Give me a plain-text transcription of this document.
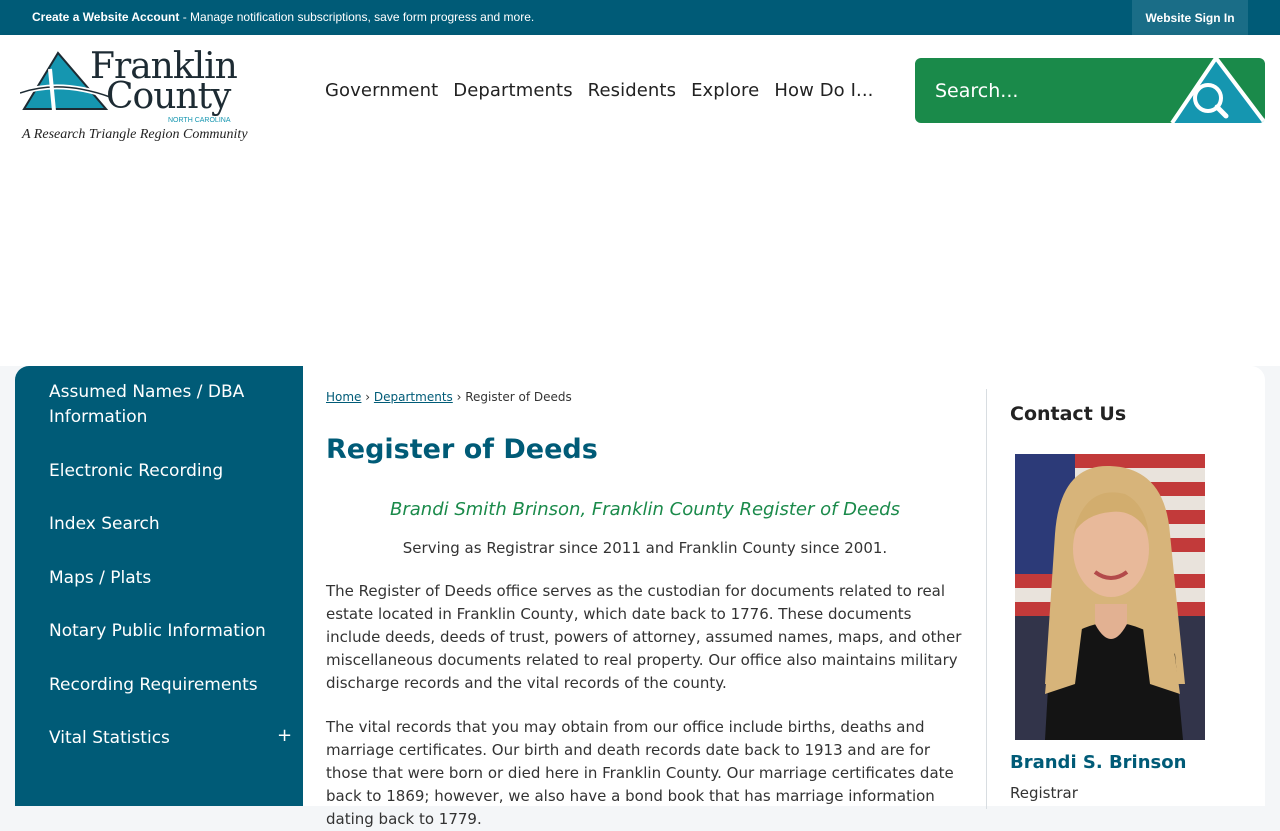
Create a Website Account - Manage notification subscriptions, save form progress and more.	Website Sign In
Franklin
County
NORTH CAROLINA
A Research Triangle Region Community
Government Departments Residents Explore How Do I...
Search...
Assumed Names / DBA Information
Electronic Recording
Index Search
Maps / Plats
Notary Public Information
Recording Requirements
Vital Statistics	+
Home › Departments › Register of Deeds
Register of Deeds
Brandi Smith Brinson, Franklin County Register of Deeds
Serving as Registrar since 2011 and Franklin County since 2001.

The Register of Deeds office serves as the custodian for documents related to real estate located in Franklin County, which date back to 1776. These documents include deeds, deeds of trust, powers of attorney, assumed names, maps, and other miscellaneous documents related to real property. Our office also maintains military discharge records and the vital records of the county.

The vital records that you may obtain from our office include births, deaths and marriage certificates. Our birth and death records date back to 1913 and are for those that were born or died here in Franklin County. Our marriage certificates date back to 1869; however, we also have a bond book that has marriage information dating back to 1779.

Contact Us
Brandi S. Brinson
Registrar
